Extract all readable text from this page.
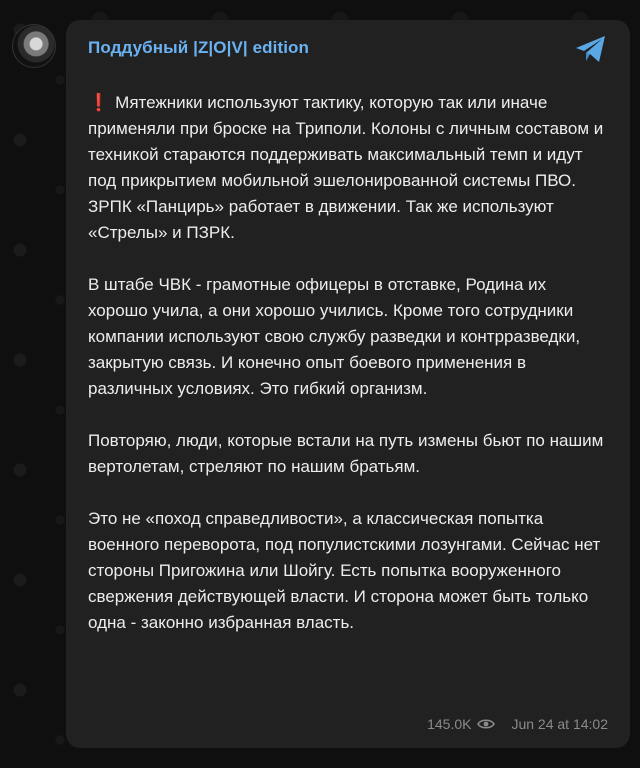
Поддубный |Z|O|V| edition

❗ Мятежники используют тактику, которую так или иначе применяли при броске на Триполи. Колоны с личным составом и техникой стараются поддерживать максимальный темп и идут под прикрытием мобильной эшелонированной системы ПВО. ЗРПК «Панцирь» работает в движении. Так же используют «Стрелы» и ПЗРК.

В штабе ЧВК - грамотные офицеры в отставке, Родина их хорошо учила, а они хорошо учились. Кроме того сотрудники компании используют свою службу разведки и контрразведки, закрытую связь. И конечно опыт боевого применения в различных условиях. Это гибкий организм.

Повторяю, люди, которые встали на путь измены бьют по нашим вертолетам, стреляют по нашим братьям.

Это не «поход справедливости», а классическая попытка военного переворота, под популистскими лозунгами. Сейчас нет стороны Пригожина или Шойгу. Есть попытка вооруженного свержения действующей власти. И сторона может быть только одна - законно избранная власть.

145.0K	Jun 24 at 14:02
